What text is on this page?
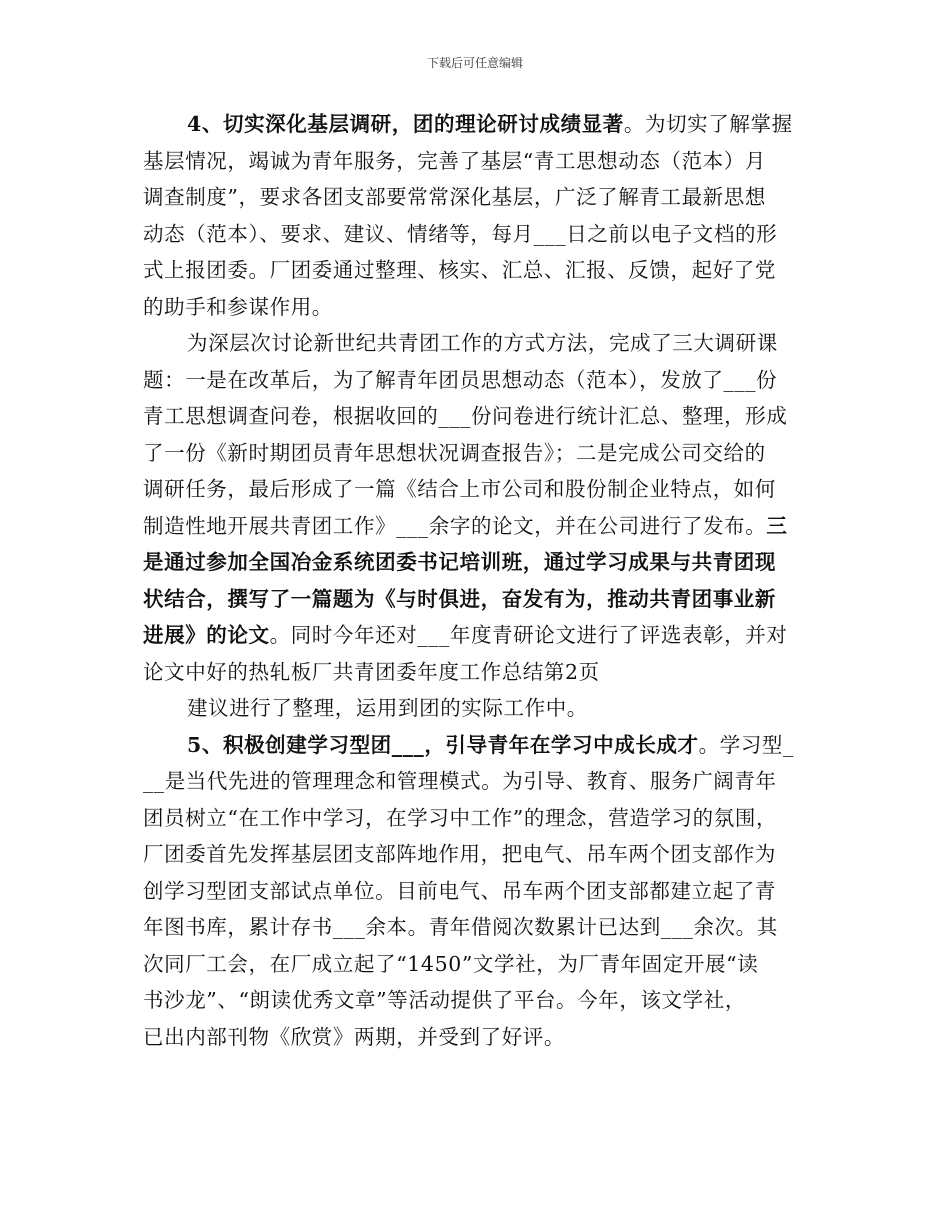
下载后可任意编辑
4、切实深化基层调研，团的理论研讨成绩显著。为切实了解掌握
基层情况，竭诚为青年服务，完善了基层“青工思想动态（范本）月
调查制度”，要求各团支部要常常深化基层，广泛了解青工最新思想
动态（范本）、要求、建议、情绪等，每月___日之前以电子文档的形
式上报团委。厂团委通过整理、核实、汇总、汇报、反馈，起好了党
的助手和参谋作用。
为深层次讨论新世纪共青团工作的方式方法，完成了三大调研课
题：一是在改革后，为了解青年团员思想动态（范本），发放了___份
青工思想调查问卷，根据收回的___份问卷进行统计汇总、整理，形成
了一份《新时期团员青年思想状况调查报告》；二是完成公司交给的
调研任务，最后形成了一篇《结合上市公司和股份制企业特点，如何
制造性地开展共青团工作》___余字的论文，并在公司进行了发布。三
是通过参加全国冶金系统团委书记培训班，通过学习成果与共青团现
状结合，撰写了一篇题为《与时俱进，奋发有为，推动共青团事业新
进展》的论文。同时今年还对___年度青研论文进行了评选表彰，并对
论文中好的热轧板厂共青团委年度工作总结第2页
建议进行了整理，运用到团的实际工作中。
5、积极创建学习型团___，引导青年在学习中成长成才。学习型_
__是当代先进的管理理念和管理模式。为引导、教育、服务广阔青年
团员树立“在工作中学习，在学习中工作”的理念，营造学习的氛围，
厂团委首先发挥基层团支部阵地作用，把电气、吊车两个团支部作为
创学习型团支部试点单位。目前电气、吊车两个团支部都建立起了青
年图书库，累计存书___余本。青年借阅次数累计已达到___余次。其
次同厂工会，在厂成立起了“1450”文学社，为厂青年固定开展“读
书沙龙”、“朗读优秀文章”等活动提供了平台。今年，该文学社，
已出内部刊物《欣赏》两期，并受到了好评。
